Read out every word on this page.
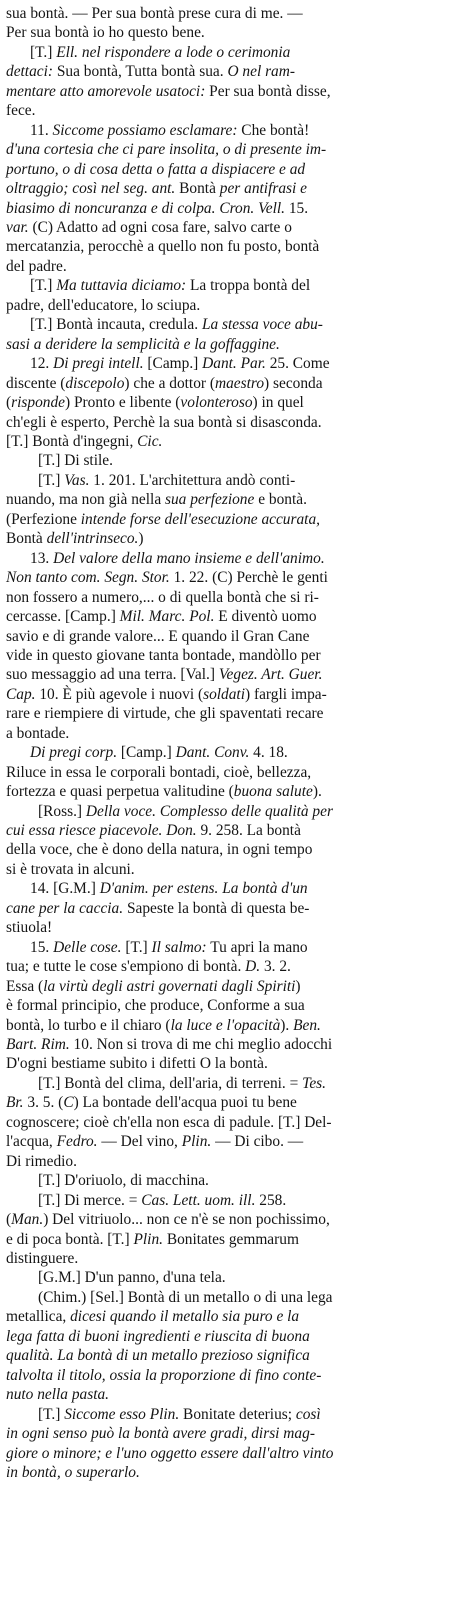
sua bontà. — Per sua bontà prese cura di me. —
Per sua bontà io ho questo bene.
[T.] Ell. nel rispondere a lode o cerimonia
dettaci: Sua bontà, Tutta bontà sua. O nel ram-
mentare atto amorevole usatoci: Per sua bontà disse,
fece.
11. Siccome possiamo esclamare: Che bontà!
d'una cortesia che ci pare insolita, o di presente im-
portuno, o di cosa detta o fatta a dispiacere e ad
oltraggio; così nel seg. ant. Bontà per antifrasi e
biasimo di noncuranza e di colpa. Cron. Vell. 15.
var. (C) Adatto ad ogni cosa fare, salvo carte o
mercatanzia, perocchè a quello non fu posto, bontà
del padre.
[T.] Ma tuttavia diciamo: La troppa bontà del
padre, dell'educatore, lo sciupa.
[T.] Bontà incauta, credula. La stessa voce abu-
sasi a deridere la semplicità e la goffaggine.
12. Di pregi intell. [Camp.] Dant. Par. 25. Come
discente (discepolo) che a dottor (maestro) seconda
(risponde) Pronto e libente (volonteroso) in quel
ch'egli è esperto, Perchè la sua bontà si disasconda.
[T.] Bontà d'ingegni, Cic.
[T.] Di stile.
[T.] Vas. 1. 201. L'architettura andò conti-
nuando, ma non già nella sua perfezione e bontà.
(Perfezione intende forse dell'esecuzione accurata,
Bontà dell'intrinseco.)
13. Del valore della mano insieme e dell'animo.
Non tanto com. Segn. Stor. 1. 22. (C) Perchè le genti
non fossero a numero,... o di quella bontà che si ri-
cercasse. [Camp.] Mil. Marc. Pol. E diventò uomo
savio e di grande valore... E quando il Gran Cane
vide in questo giovane tanta bontade, mandòllo per
suo messaggio ad una terra. [Val.] Vegez. Art. Guer.
Cap. 10. È più agevole i nuovi (soldati) fargli impa-
rare e riempiere di virtude, che gli spaventati recare
a bontade.
Di pregi corp. [Camp.] Dant. Conv. 4. 18.
Riluce in essa le corporali bontadi, cioè, bellezza,
fortezza e quasi perpetua valitudine (buona salute).
[Ross.] Della voce. Complesso delle qualità per
cui essa riesce piacevole. Don. 9. 258. La bontà
della voce, che è dono della natura, in ogni tempo
si è trovata in alcuni.
14. [G.M.] D'anim. per estens. La bontà d'un
cane per la caccia. Sapeste la bontà di questa be-
stiuola!
15. Delle cose. [T.] Il salmo: Tu apri la mano
tua; e tutte le cose s'empiono di bontà. D. 3. 2.
Essa (la virtù degli astri governati dagli Spiriti)
è formal principio, che produce, Conforme a sua
bontà, lo turbo e il chiaro (la luce e l'opacità). Ben.
Bart. Rim. 10. Non si trova di me chi meglio adocchi
D'ogni bestiame subito i difetti O la bontà.
[T.] Bontà del clima, dell'aria, di terreni. = Tes.
Br. 3. 5. (C) La bontade dell'acqua puoi tu bene
cognoscere; cioè ch'ella non esca di padule. [T.] Del-
l'acqua, Fedro. — Del vino, Plin. — Di cibo. —
Di rimedio.
[T.] D'oriuolo, di macchina.
[T.] Di merce. = Cas. Lett. uom. ill. 258.
(Man.) Del vitriuolo... non ce n'è se non pochissimo,
e di poca bontà. [T.] Plin. Bonitates gemmarum
distinguere.
[G.M.] D'un panno, d'una tela.
(Chim.) [Sel.] Bontà di un metallo o di una lega
metallica, dicesi quando il metallo sia puro e la
lega fatta di buoni ingredienti e riuscita di buona
qualità. La bontà di un metallo prezioso significa
talvolta il titolo, ossia la proporzione di fino conte-
nuto nella pasta.
[T.] Siccome esso Plin. Bonitate deterius; così
in ogni senso può la bontà avere gradi, dirsi mag-
giore o minore; e l'uno oggetto essere dall'altro vinto
in bontà, o superarlo.
